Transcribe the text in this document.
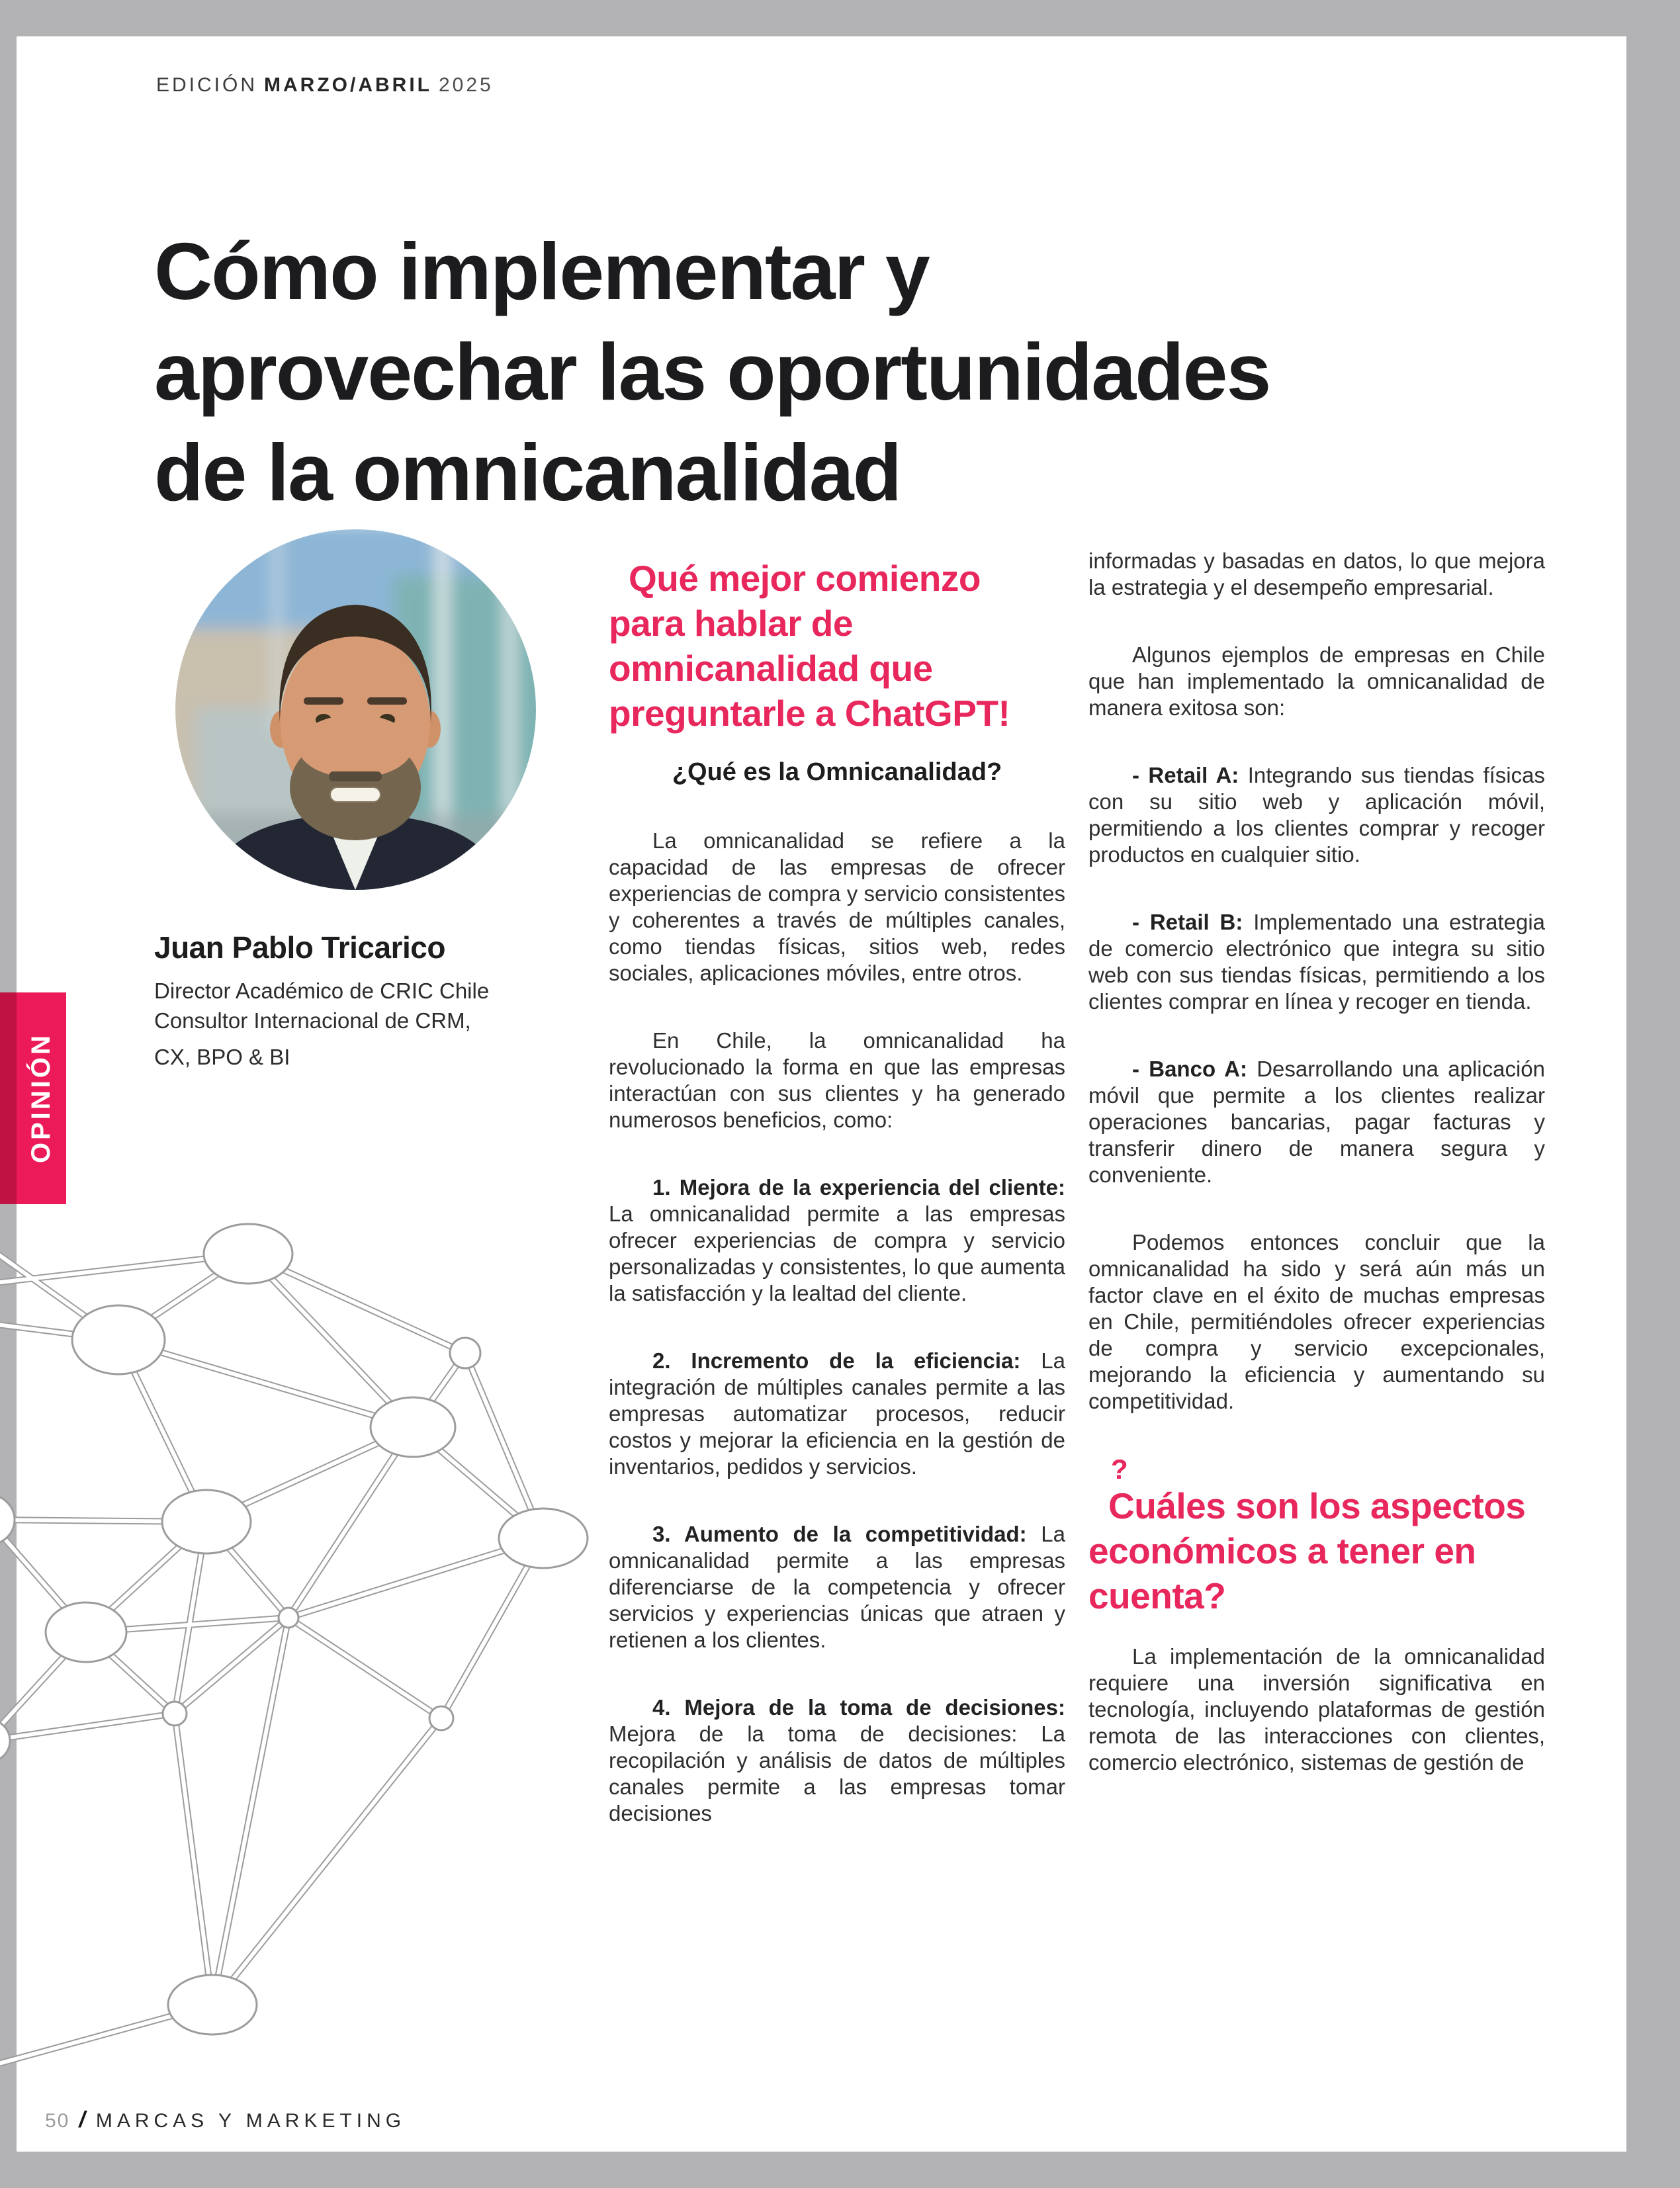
EDICIÓN MARZO/ABRIL 2025
Cómo implementar y
aprovechar las oportunidades
de la omnicanalidad
Juan Pablo Tricarico

Director Académico de CRIC Chile

Consultor Internacional de CRM,

CX, BPO & BI

OPINIÓN
Qué mejor comienzo
para hablar de
omnicanalidad que
preguntarle a ChatGPT!
¿Qué es la Omnicanalidad?

La omnicanalidad se refiere a la capacidad de las empresas de ofrecer experiencias de compra y servicio consistentes y coherentes a través de múltiples canales, como tiendas físicas, sitios web, redes sociales, aplicaciones móviles, entre otros.

En Chile, la omnicanalidad ha revolucionado la forma en que las empresas interactúan con sus clientes y ha generado numerosos beneficios, como:

1. Mejora de la experiencia del cliente: La omnicanalidad permite a las empresas ofrecer experiencias de compra y servicio personalizadas y consistentes, lo que aumenta la satisfacción y la lealtad del cliente.

2. Incremento de la eficiencia: La integración de múltiples canales permite a las empresas automatizar procesos, reducir costos y mejorar la eficiencia en la gestión de inventarios, pedidos y servicios.

3. Aumento de la competitividad: La omnicanalidad permite a las empresas diferenciarse de la competencia y ofrecer servicios y experiencias únicas que atraen y retienen a los clientes.

4. Mejora de la toma de decisiones: Mejora de la toma de decisiones: La recopilación y análisis de datos de múltiples canales permite a las empresas tomar decisiones

informadas y basadas en datos, lo que mejora la estrategia y el desempeño empresarial.

Algunos ejemplos de empresas en Chile que han implementado la omnicanalidad de manera exitosa son:

- Retail A: Integrando sus tiendas físicas con su sitio web y aplicación móvil, permitiendo a los clientes comprar y recoger productos en cualquier sitio.

- Retail B: Implementado una estrategia de comercio electrónico que integra su sitio web con sus tiendas físicas, permitiendo a los clientes comprar en línea y recoger en tienda.

- Banco A: Desarrollando una aplicación móvil que permite a los clientes realizar operaciones bancarias, pagar facturas y transferir dinero de manera segura y conveniente.

Podemos entonces concluir que la omnicanalidad ha sido y será aún más un factor clave en el éxito de muchas empresas en Chile, permitiéndoles ofrecer experiencias de compra y servicio excepcionales, mejorando la eficiencia y aumentando su competitividad.

?
Cuáles son los aspectos
económicos a tener en
cuenta?

La implementación de la omnicanalidad requiere una inversión significativa en tecnología, incluyendo plataformas de gestión remota de las interacciones con clientes, comercio electrónico, sistemas de gestión de

50 / MARCAS Y MARKETING
